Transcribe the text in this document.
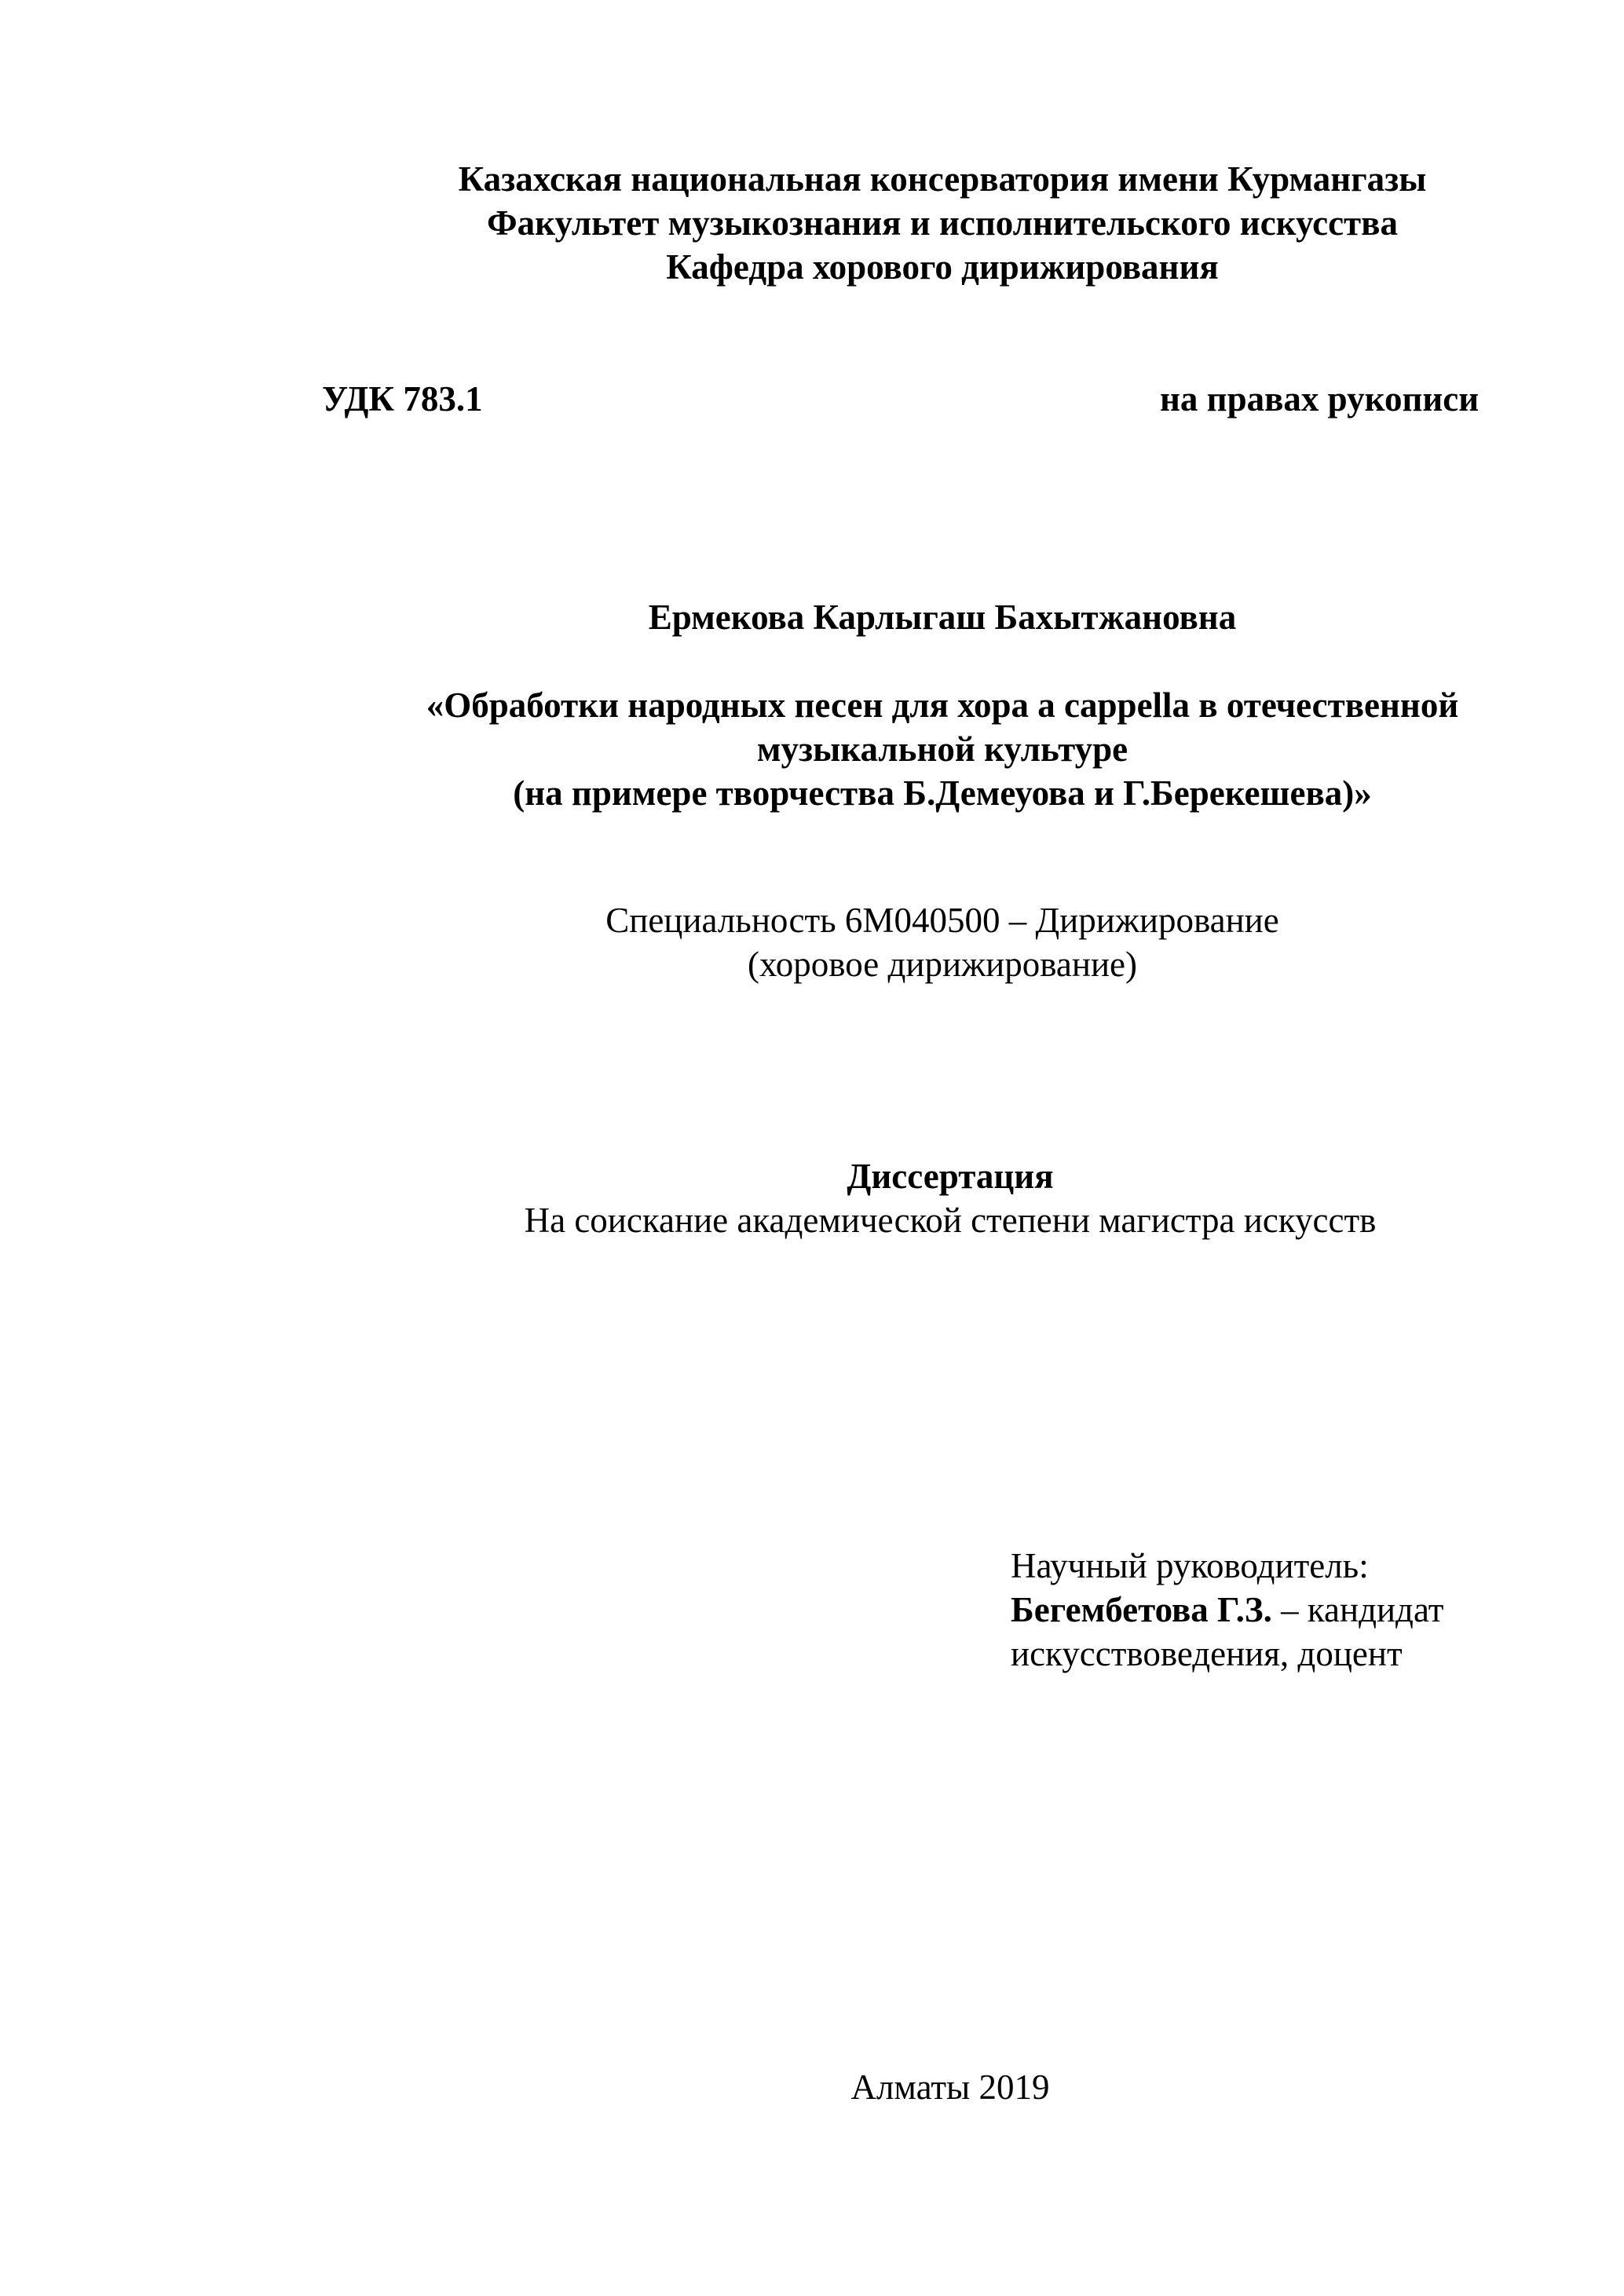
Казахская национальная консерватория имени Курмангазы
Факультет музыкознания и исполнительского искусства
Кафедра хорового дирижирования
УДК 783.1	на правах рукописи
Ермекова Карлыгаш Бахытжановна
«Обработки народных песен для хора a cappella в отечественной
музыкальной культуре
(на примере творчества Б.Демеуова и Г.Берекешева)»
Специальность 6М040500 – Дирижирование
(хоровое дирижирование)
Диссертация
На соискание академической степени магистра искусств
Научный руководитель:
Бегембетова Г.З. – кандидат
искусствоведения, доцент
Алматы 2019
